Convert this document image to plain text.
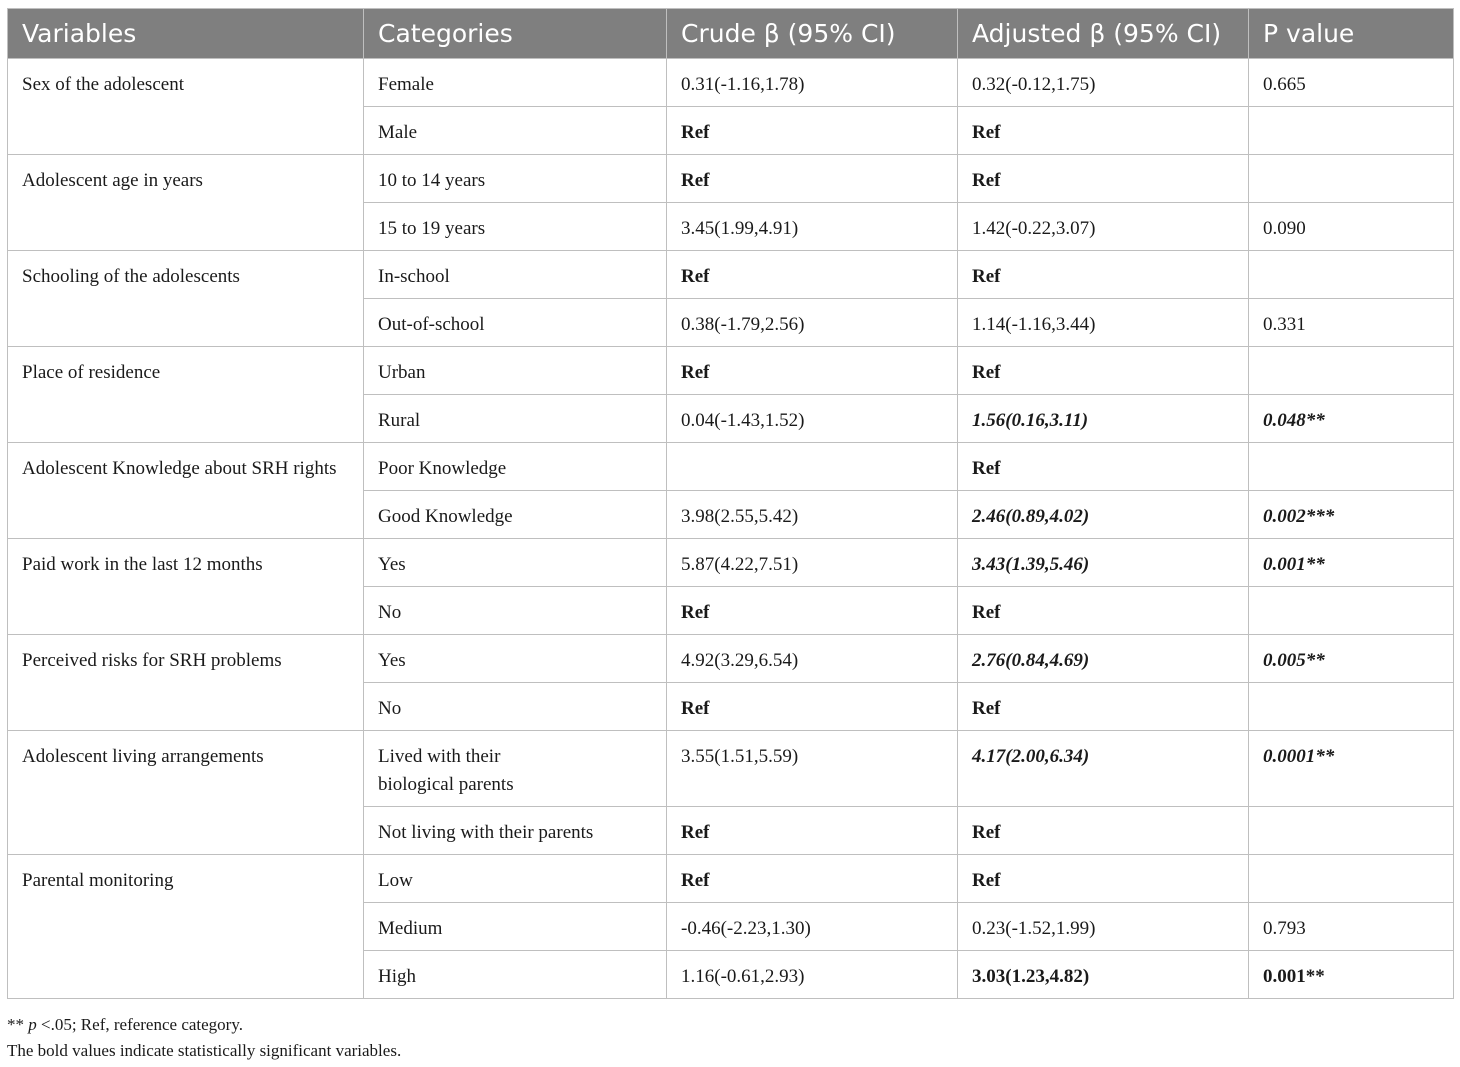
Variables	Categories	Crude β (95% CI)	Adjusted β (95% CI)	P value
Sex of the adolescent	Female	0.31(-1.16,1.78)	0.32(-0.12,1.75)	0.665
	Male	Ref	Ref	
Adolescent age in years	10 to 14 years	Ref	Ref	
	15 to 19 years	3.45(1.99,4.91)	1.42(-0.22,3.07)	0.090
Schooling of the adolescents	In-school	Ref	Ref	
	Out-of-school	0.38(-1.79,2.56)	1.14(-1.16,3.44)	0.331
Place of residence	Urban	Ref	Ref	
	Rural	0.04(-1.43,1.52)	1.56(0.16,3.11)	0.048**
Adolescent Knowledge about SRH rights	Poor Knowledge		Ref	
	Good Knowledge	3.98(2.55,5.42)	2.46(0.89,4.02)	0.002***
Paid work in the last 12 months	Yes	5.87(4.22,7.51)	3.43(1.39,5.46)	0.001**
	No	Ref	Ref	
Perceived risks for SRH problems	Yes	4.92(3.29,6.54)	2.76(0.84,4.69)	0.005**
	No	Ref	Ref	
Adolescent living arrangements	Lived with their biological parents	3.55(1.51,5.59)	4.17(2.00,6.34)	0.0001**
	Not living with their parents	Ref	Ref	
Parental monitoring	Low	Ref	Ref	
	Medium	-0.46(-2.23,1.30)	0.23(-1.52,1.99)	0.793
	High	1.16(-0.61,2.93)	3.03(1.23,4.82)	0.001**
** p <.05; Ref, reference category.
The bold values indicate statistically significant variables.
